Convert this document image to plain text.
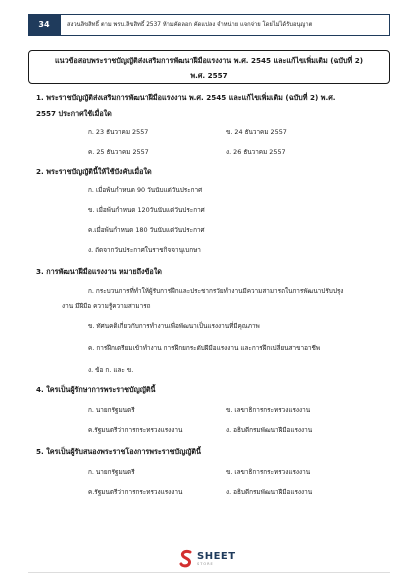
34	สงวนลิขสิทธิ์ ตาม พรบ.ลิขสิทธิ์ 2537 ห้ามคัดลอก คัดแปลง จำหน่าย แจกจ่าย โดยไม่ได้รับอนุญาต
แนวข้อสอบพระราชบัญญัติส่งเสริมการพัฒนาฝีมือแรงงาน พ.ศ. 2545 และแก้ไขเพิ่มเติม (ฉบับที่ 2)
พ.ศ. 2557
1. พระราชบัญญัติส่งเสริมการพัฒนาฝีมือแรงงาน พ.ศ. 2545 และแก้ไขเพิ่มเติม (ฉบับที่ 2) พ.ศ.
2557 ประกาศใช้เมื่อใด
ก. 23 ธันวาคม 2557	ข. 24 ธันวาคม 2557
ค. 25 ธันวาคม 2557	ง. 26 ธันวาคม 2557
2. พระราชบัญญัตินี้ให้ใช้บังคับเมื่อใด
ก. เมื่อพ้นกำหนด 90 วันนับแต่วันประกาศ
ข. เมื่อพ้นกำหนด 120วันนับแต่วันประกาศ
ค.เมื่อพ้นกำหนด 180 วันนับแต่วันประกาศ
ง. ถัดจากวันประกาศในราชกิจจานุเบกษา
3. การพัฒนาฝีมือแรงงาน หมายถึงข้อใด
ก. กระบวนการที่ทำให้ผู้รับการฝึกและประชากรวัยทำงานมีความสามารถในการพัฒนาปรับปรุง
งาน มีฝีมือ ความรู้ความสามารถ
ข. ทัศนคติเกี่ยวกับการทำงานเพื่อพัฒนาเป็นแรงงานที่มีคุณภาพ
ค. การฝึกเตรียมเข้าทำงาน การฝึกยกระดับฝีมือแรงงาน และการฝึกเปลี่ยนสาขาอาชีพ
ง. ข้อ ก. และ ข.
4. ใครเป็นผู้รักษาการพระราชบัญญัตินี้
ก. นายกรัฐมนตรี	ข. เลขาธิการกระทรวงแรงงาน
ค.รัฐมนตรีว่าการกระทรวงแรงงาน	ง. อธิบดีกรมพัฒนาฝีมือแรงงาน
5. ใครเป็นผู้รับสนองพระราชโองการพระราชบัญญัตินี้
ก. นายกรัฐมนตรี	ข. เลขาธิการกระทรวงแรงงาน
ค.รัฐมนตรีว่าการกระทรวงแรงงาน	ง. อธิบดีกรมพัฒนาฝีมือแรงงาน
SHEET
STORE
